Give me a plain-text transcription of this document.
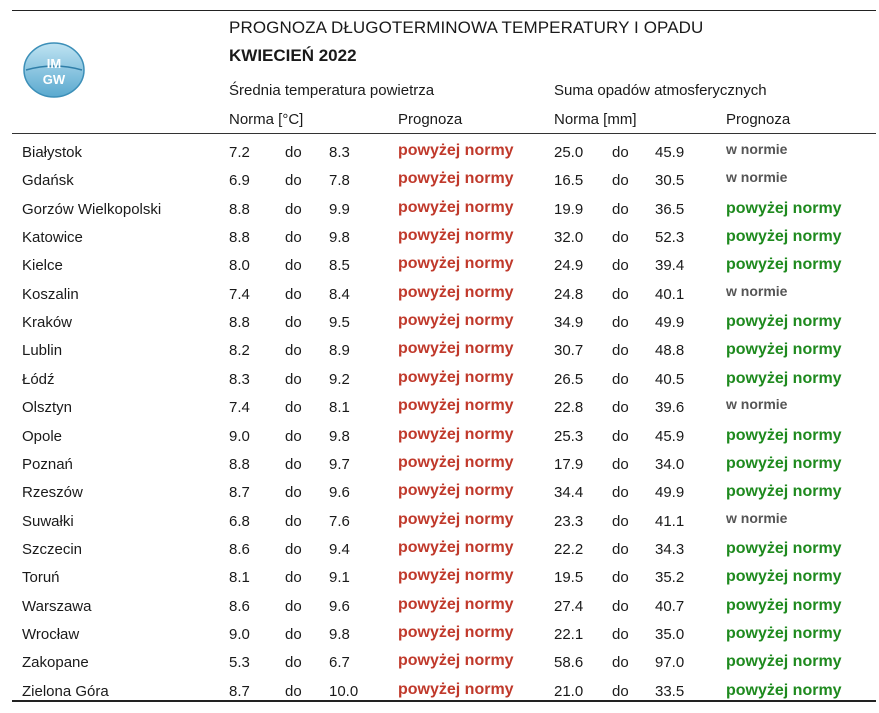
IM
GW
PROGNOZA DŁUGOTERMINOWA TEMPERATURY I OPADU
KWIECIEŃ 2022
Średnia temperatura powietrza	Suma opadów atmosferycznych
Norma [°C]	Prognoza	Norma [mm]	Prognoza
Białystok	7.2 do 8.3	powyżej normy	25.0 do 45.9	w normie
Gdańsk	6.9 do 7.8	powyżej normy	16.5 do 30.5	w normie
Gorzów Wielkopolski	8.8 do 9.9	powyżej normy	19.9 do 36.5	powyżej normy
Katowice	8.8 do 9.8	powyżej normy	32.0 do 52.3	powyżej normy
Kielce	8.0 do 8.5	powyżej normy	24.9 do 39.4	powyżej normy
Koszalin	7.4 do 8.4	powyżej normy	24.8 do 40.1	w normie
Kraków	8.8 do 9.5	powyżej normy	34.9 do 49.9	powyżej normy
Lublin	8.2 do 8.9	powyżej normy	30.7 do 48.8	powyżej normy
Łódź	8.3 do 9.2	powyżej normy	26.5 do 40.5	powyżej normy
Olsztyn	7.4 do 8.1	powyżej normy	22.8 do 39.6	w normie
Opole	9.0 do 9.8	powyżej normy	25.3 do 45.9	powyżej normy
Poznań	8.8 do 9.7	powyżej normy	17.9 do 34.0	powyżej normy
Rzeszów	8.7 do 9.6	powyżej normy	34.4 do 49.9	powyżej normy
Suwałki	6.8 do 7.6	powyżej normy	23.3 do 41.1	w normie
Szczecin	8.6 do 9.4	powyżej normy	22.2 do 34.3	powyżej normy
Toruń	8.1 do 9.1	powyżej normy	19.5 do 35.2	powyżej normy
Warszawa	8.6 do 9.6	powyżej normy	27.4 do 40.7	powyżej normy
Wrocław	9.0 do 9.8	powyżej normy	22.1 do 35.0	powyżej normy
Zakopane	5.3 do 6.7	powyżej normy	58.6 do 97.0	powyżej normy
Zielona Góra	8.7 do 10.0 powyżej normy	21.0 do 33.5	powyżej normy
